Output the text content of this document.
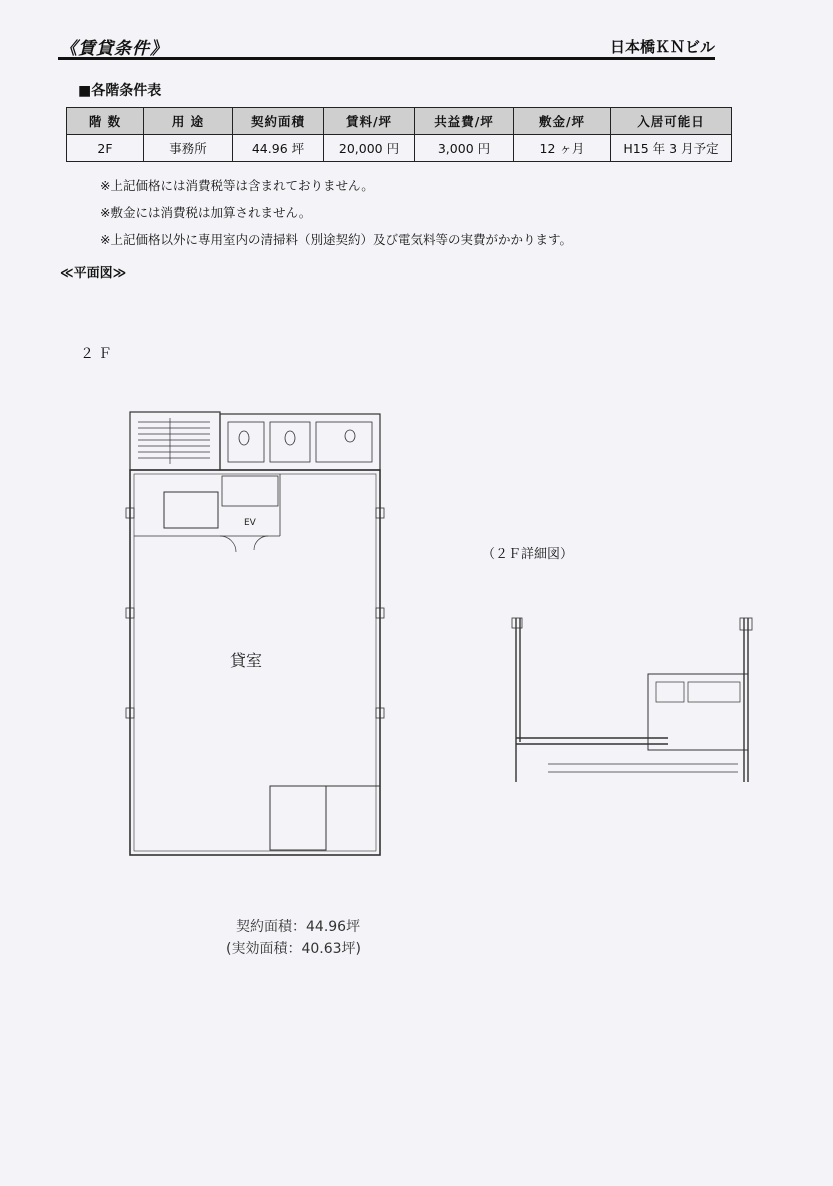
《賃貸条件》	日本橋ＫＮビル
■各階条件表
階 数	用 途	契約面積	賃料/坪	共益費/坪	敷金/坪	入居可能日
2F	事務所	44.96 坪	20,000 円	3,000 円	12 ヶ月	H15 年 3 月予定
※上記価格には消費税等は含まれておりません。
※敷金には消費税は加算されません。
※上記価格以外に専用室内の清掃料（別途契約）及び電気料等の実費がかかります。
≪平面図≫
２Ｆ
EV
貸室
（２Ｆ詳細図）
契約面積：44.96坪
(実効面積：40.63坪)
